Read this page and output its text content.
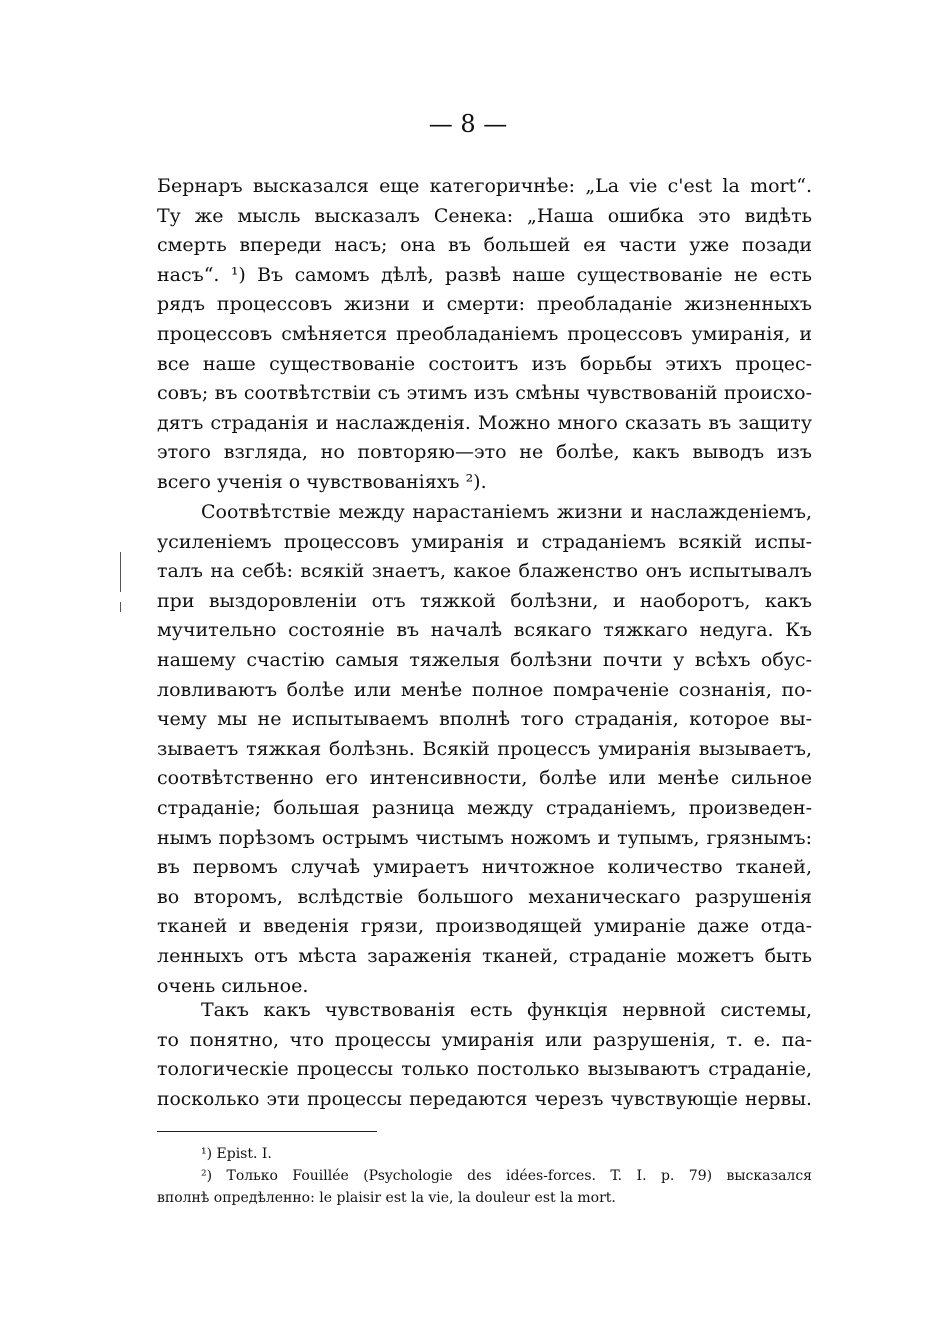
— 8 —
Бернаръ высказался еще категоричнѣе: „La vie c'est la mort“.
Ту же мысль высказалъ Сенека: „Наша ошибка это видѣть
смерть впереди насъ; она въ большей ея части уже позади
насъ“. ¹) Въ самомъ дѣлѣ, развѣ наше существованіе не есть
рядъ процессовъ жизни и смерти: преобладаніе жизненныхъ
процессовъ смѣняется преобладаніемъ процессовъ умиранія, и
все наше существованіе состоитъ изъ борьбы этихъ процес-
совъ; въ соотвѣтствіи съ этимъ изъ смѣны чувствованій происхо-
дятъ страданія и наслажденія. Можно много сказать въ защиту
этого взгляда, но повторяю—это не болѣе, какъ выводъ изъ
всего ученія о чувствованіяхъ ²).
Соотвѣтствіе между нарастаніемъ жизни и наслажденіемъ,
усиленіемъ процессовъ умиранія и страданіемъ всякій испы-
талъ на себѣ: всякій знаетъ, какое блаженство онъ испытывалъ
при выздоровленіи отъ тяжкой болѣзни, и наоборотъ, какъ
мучительно состояніе въ началѣ всякаго тяжкаго недуга. Къ
нашему счастію самыя тяжелыя болѣзни почти у всѣхъ обус-
ловливаютъ болѣе или менѣе полное помраченіе сознанія, по-
чему мы не испытываемъ вполнѣ того страданія, которое вы-
зываетъ тяжкая болѣзнь. Всякій процессъ умиранія вызываетъ,
соотвѣтственно его интенсивности, болѣе или менѣе сильное
страданіе; большая разница между страданіемъ, произведен-
нымъ порѣзомъ острымъ чистымъ ножомъ и тупымъ, грязнымъ:
въ первомъ случаѣ умираетъ ничтожное количество тканей,
во второмъ, вслѣдствіе большого механическаго разрушенія
тканей и введенія грязи, производящей умираніе даже отда-
ленныхъ отъ мѣста зараженія тканей, страданіе можетъ быть
очень сильное.
Такъ какъ чувствованія есть функція нервной системы,
то понятно, что процессы умиранія или разрушенія, т. е. па-
тологическіе процессы только постолько вызываютъ страданіе,
посколько эти процессы передаются черезъ чувствующіе нервы.
¹) Epist. I.
²) Только Fouillée (Psychologie des idées-forces. T. I. p. 79) высказался
вполнѣ опредѣленно: le plaisir est la vie, la douleur est la mort.
